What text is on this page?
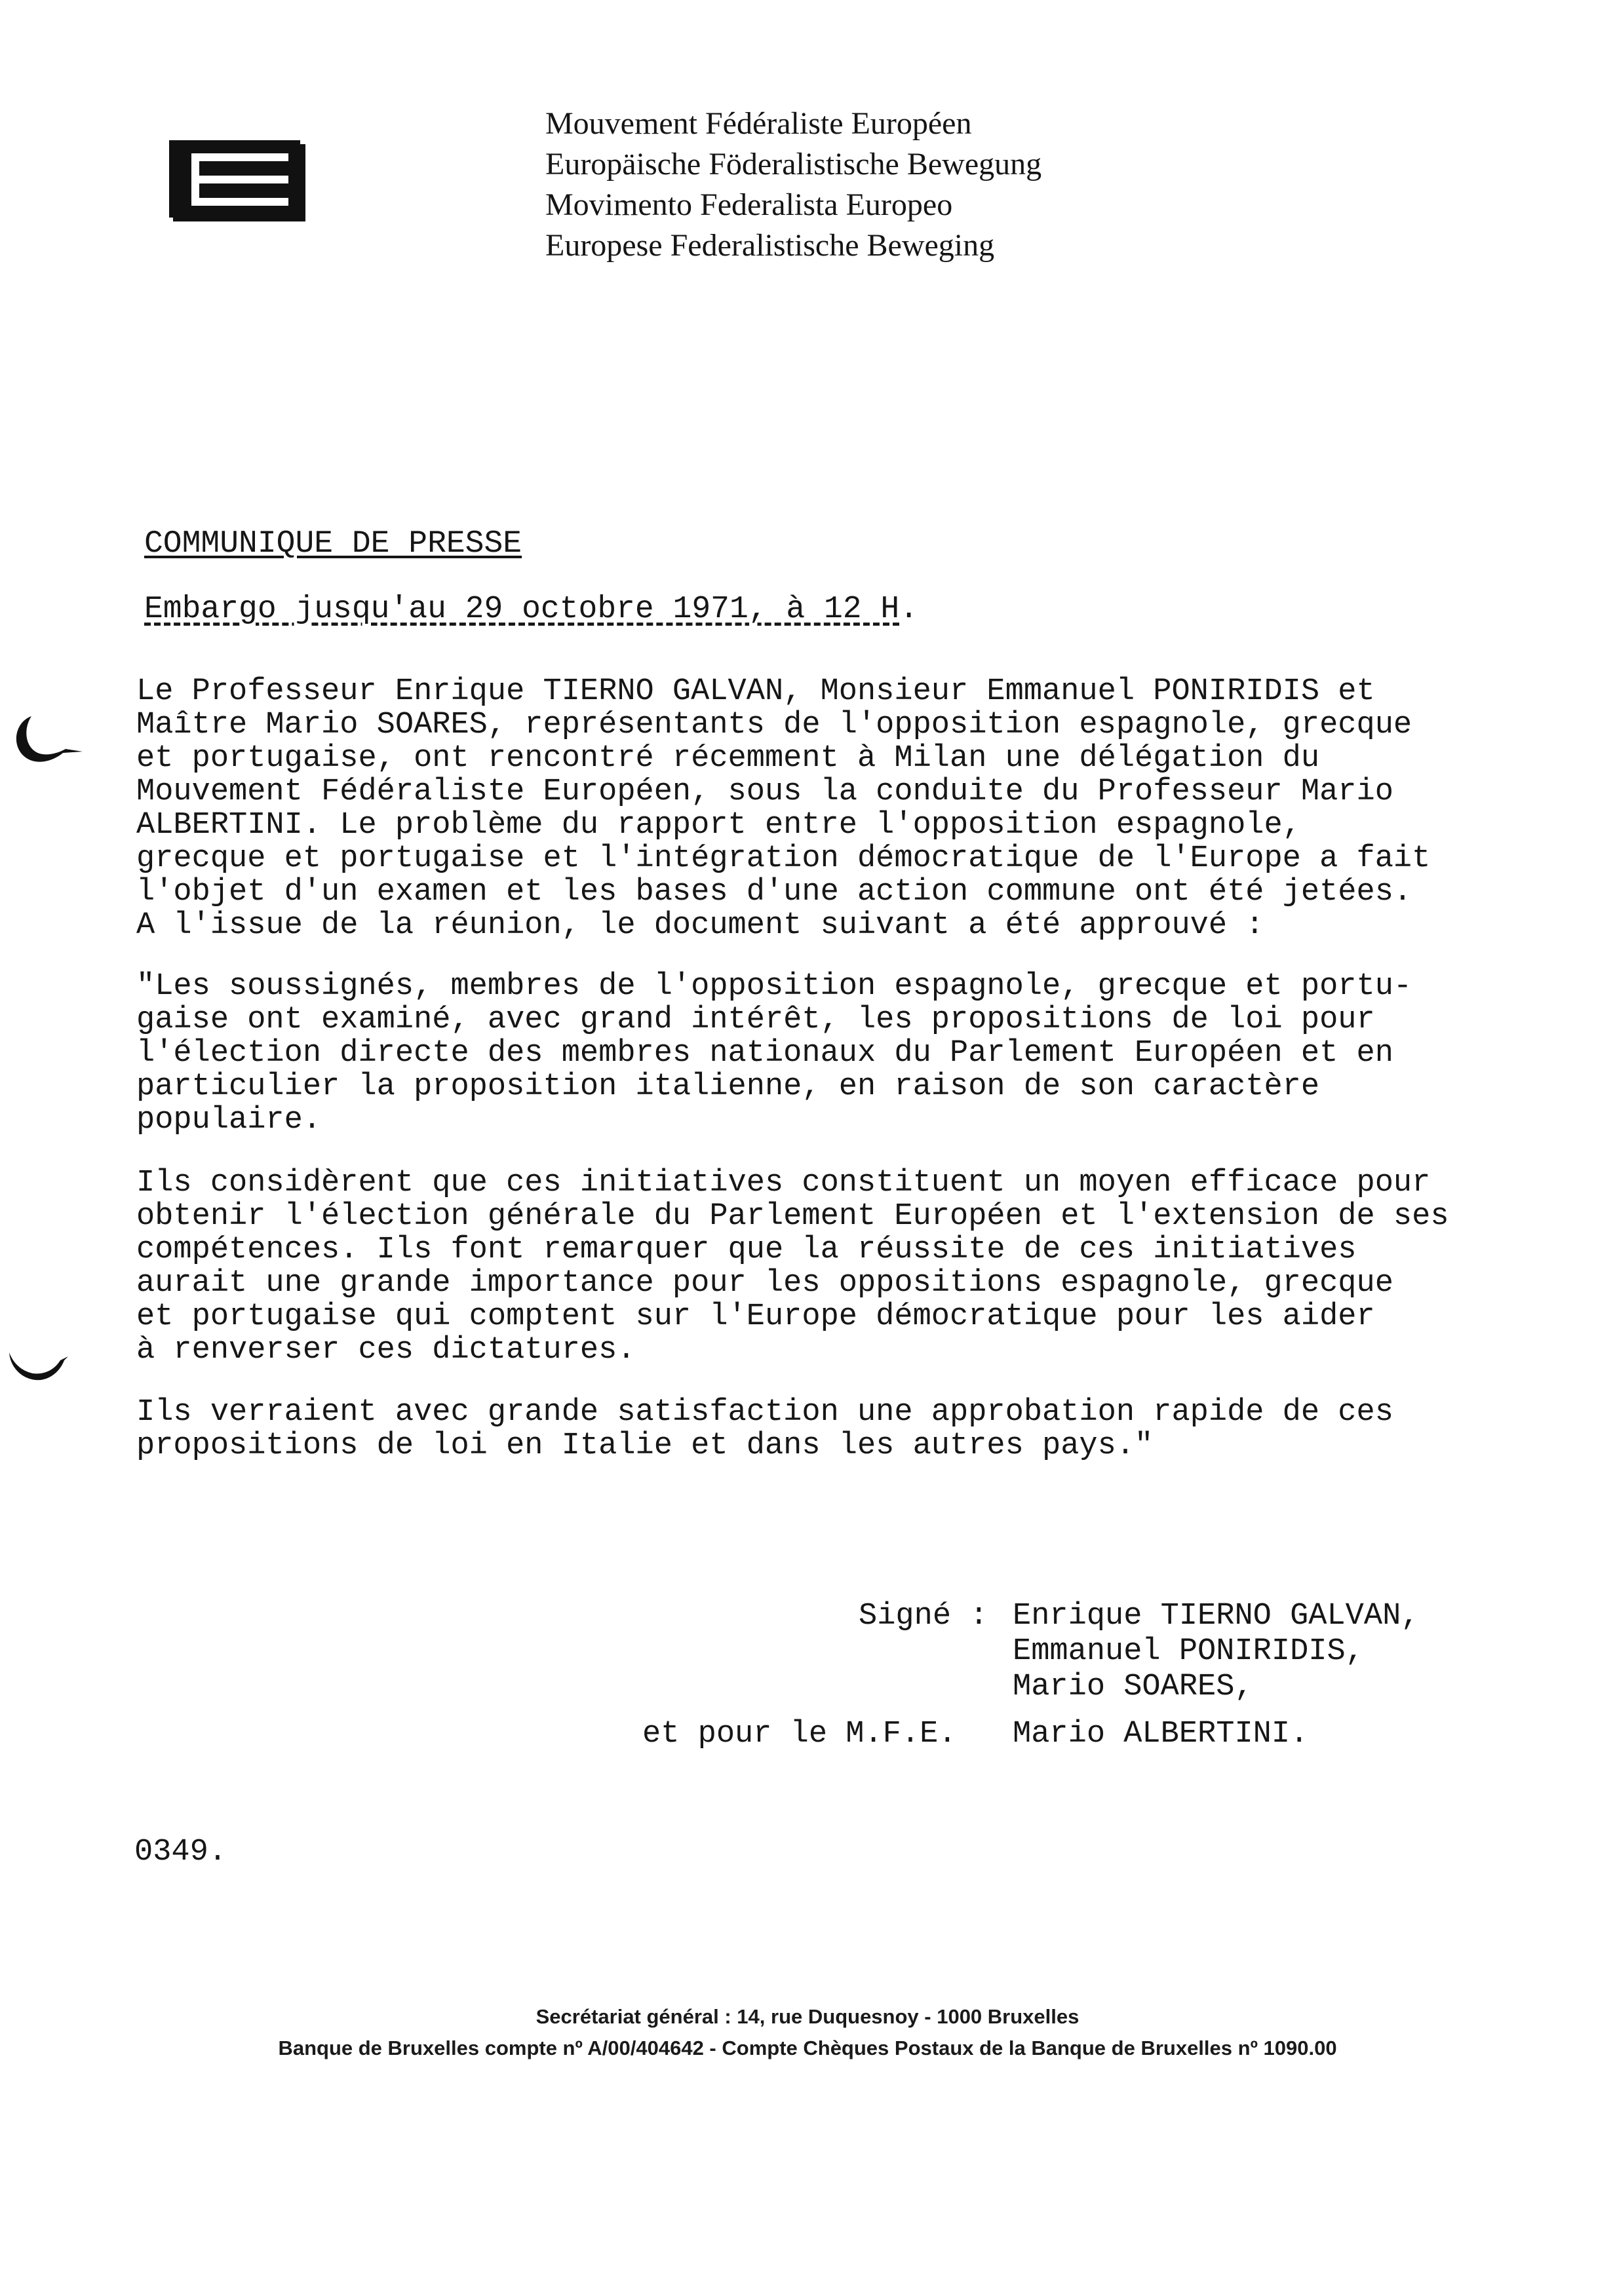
Mouvement Fédéraliste Européen
Europäische Föderalistische Bewegung
Movimento Federalista Europeo
Europese Federalistische Beweging
COMMUNIQUE DE PRESSE
Embargo jusqu'au 29 octobre 1971, à 12 H.
Le Professeur Enrique TIERNO GALVAN, Monsieur Emmanuel PONIRIDIS et
Maître Mario SOARES, représentants de l'opposition espagnole, grecque
et portugaise, ont rencontré récemment à Milan une délégation du
Mouvement Fédéraliste Européen, sous la conduite du Professeur Mario
ALBERTINI. Le problème du rapport entre l'opposition espagnole,
grecque et portugaise et l'intégration démocratique de l'Europe a fait
l'objet d'un examen et les bases d'une action commune ont été jetées.
A l'issue de la réunion, le document suivant a été approuvé :
"Les soussignés, membres de l'opposition espagnole, grecque et portu-
gaise ont examiné, avec grand intérêt, les propositions de loi pour
l'élection directe des membres nationaux du Parlement Européen et en
particulier la proposition italienne, en raison de son caractère
populaire.
Ils considèrent que ces initiatives constituent un moyen efficace pour
obtenir l'élection générale du Parlement Européen et l'extension de ses
compétences. Ils font remarquer que la réussite de ces initiatives
aurait une grande importance pour les oppositions espagnole, grecque
et portugaise qui comptent sur l'Europe démocratique pour les aider
à renverser ces dictatures.
Ils verraient avec grande satisfaction une approbation rapide de ces
propositions de loi en Italie et dans les autres pays."
Signé : Enrique TIERNO GALVAN,
Emmanuel PONIRIDIS,
Mario SOARES,
et pour le M.F.E. Mario ALBERTINI.
0349.
Secrétariat général : 14, rue Duquesnoy - 1000 Bruxelles
Banque de Bruxelles compte nº A/00/404642 - Compte Chèques Postaux de la Banque de Bruxelles nº 1090.00
